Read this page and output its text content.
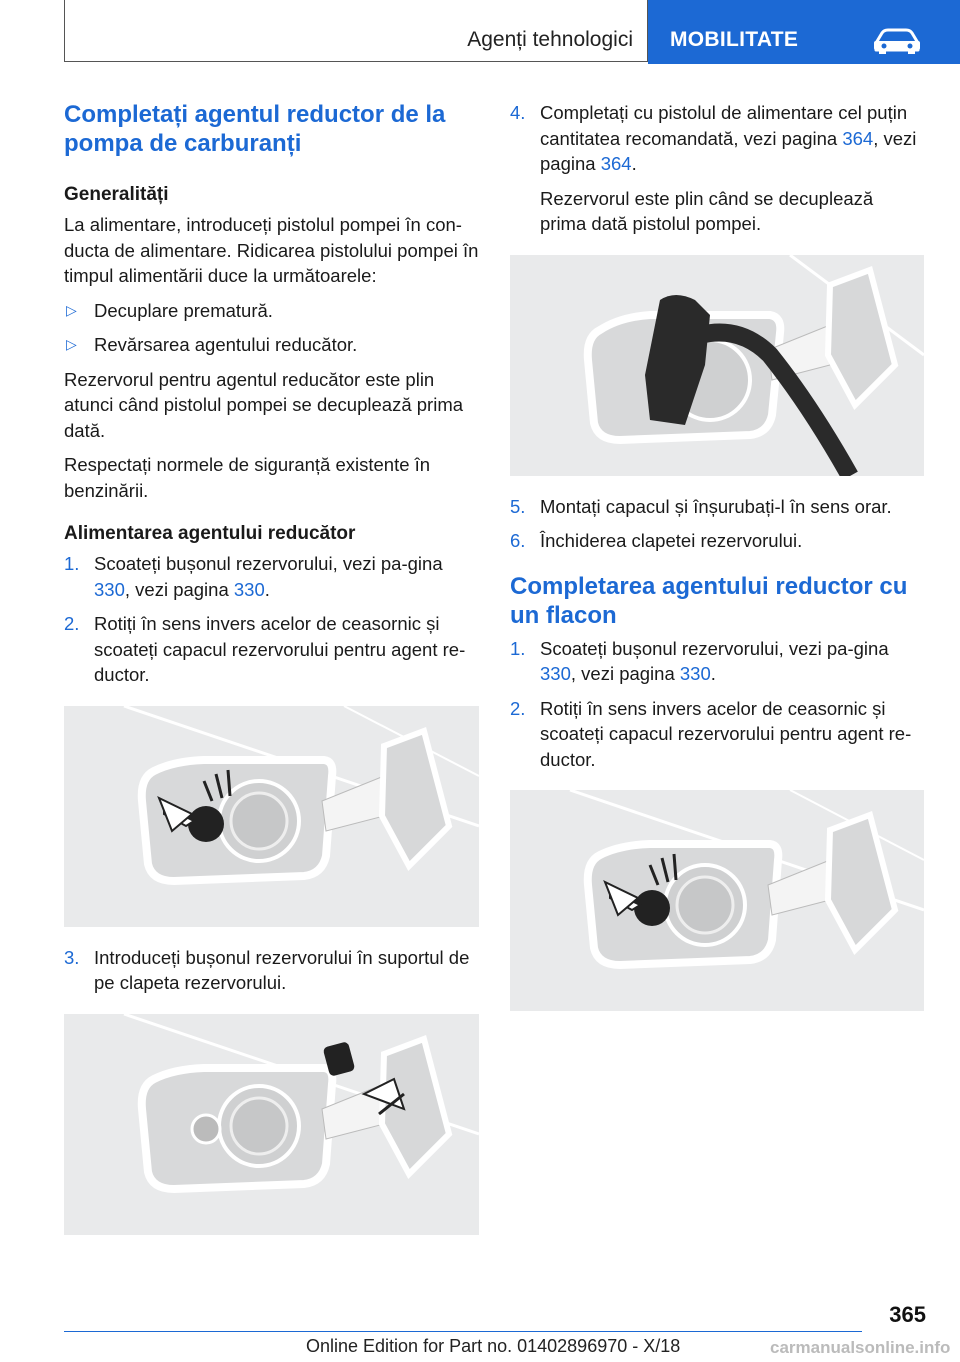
Agenți tehnologici MOBILITATE
Completați agentul reductor de la pompa de carburanți
Generalități

La alimentare, introduceți pistolul pompei în con-ducta de alimentare. Ridicarea pistolului pompei în timpul alimentării duce la următoarele:

▷ Decuplare prematură.
▷ Revărsarea agentului reducător.

Rezervorul pentru agentul reducător este plin atunci când pistolul pompei se decuplează prima dată.

Respectați normele de siguranță existente în benzinării.

Alimentarea agentului reducător
1. Scoateți bușonul rezervorului, vezi pa-gina 330, vezi pagina 330.
2. Rotiți în sens invers acelor de ceasornic și scoateți capacul rezervorului pentru agent re-ductor.
3. Introduceți bușonul rezervorului în suportul de pe clapeta rezervorului.
4. Completați cu pistolul de alimentare cel puțin cantitatea recomandată, vezi pagina 364, vezi pagina 364.

Rezervorul este plin când se decuplează prima dată pistolul pompei.

5. Montați capacul și înșurubați-l în sens orar.
6. Închiderea clapetei rezervorului.
Completarea agentului reductor cu un flacon
1. Scoateți bușonul rezervorului, vezi pa-gina 330, vezi pagina 330.
2. Rotiți în sens invers acelor de ceasornic și scoateți capacul rezervorului pentru agent re-ductor.
365
Online Edition for Part no. 01402896970 - X/18	carmanualsonline.info
